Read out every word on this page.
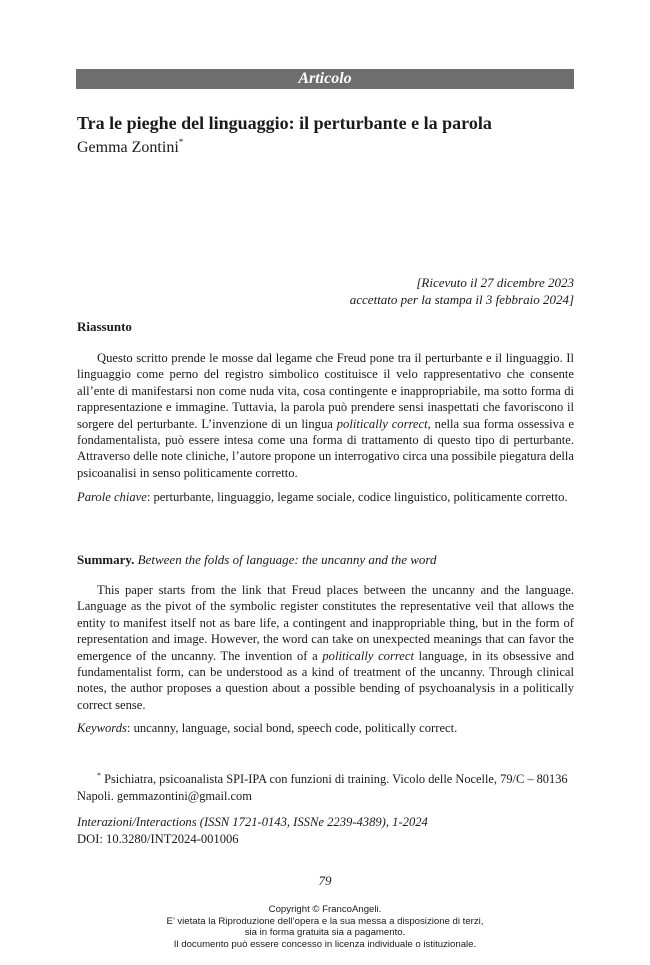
Articolo
Tra le pieghe del linguaggio: il perturbante e la parola
Gemma Zontini*
[Ricevuto il 27 dicembre 2023
accettato per la stampa il 3 febbraio 2024]
Riassunto

Questo scritto prende le mosse dal legame che Freud pone tra il perturbante e il linguaggio. Il linguaggio come perno del registro simbolico costituisce il velo rappresentativo che consente all’ente di manifestarsi non come nuda vita, cosa contingente e inappropriabile, ma sotto forma di rappresentazione e immagine. Tuttavia, la parola può prendere sensi inaspettati che favoriscono il sorgere del perturbante. L’invenzione di un lingua politically correct, nella sua forma ossessiva e fondamentalista, può essere intesa come una forma di trattamento di questo tipo di perturbante. Attraverso delle note cliniche, l’autore propone un interrogativo circa una possibile piegatura della psicoanalisi in senso politicamente corretto.

Parole chiave: perturbante, linguaggio, legame sociale, codice linguistico, politicamente corretto.

Summary. Between the folds of language: the uncanny and the word

This paper starts from the link that Freud places between the uncanny and the language. Language as the pivot of the symbolic register constitutes the representative veil that allows the entity to manifest itself not as bare life, a contingent and inappropriable thing, but in the form of representation and image. However, the word can take on unexpected meanings that can favor the emergence of the uncanny. The invention of a politically correct language, in its obsessive and fundamentalist form, can be understood as a kind of treatment of the uncanny. Through clinical notes, the author proposes a question about a possible bending of psychoanalysis in a politically correct sense.

Keywords: uncanny, language, social bond, speech code, politically correct.

* Psichiatra, psicoanalista SPI-IPA con funzioni di training. Vicolo delle Nocelle, 79/C – 80136 Napoli. gemmazontini@gmail.com

Interazioni/Interactions (ISSN 1721-0143, ISSNe 2239-4389), 1-2024
DOI: 10.3280/INT2024-001006
79
Copyright © FrancoAngeli.
E’ vietata la Riproduzione dell’opera e la sua messa a disposizione di terzi,
sia in forma gratuita sia a pagamento.
Il documento può essere concesso in licenza individuale o istituzionale.
